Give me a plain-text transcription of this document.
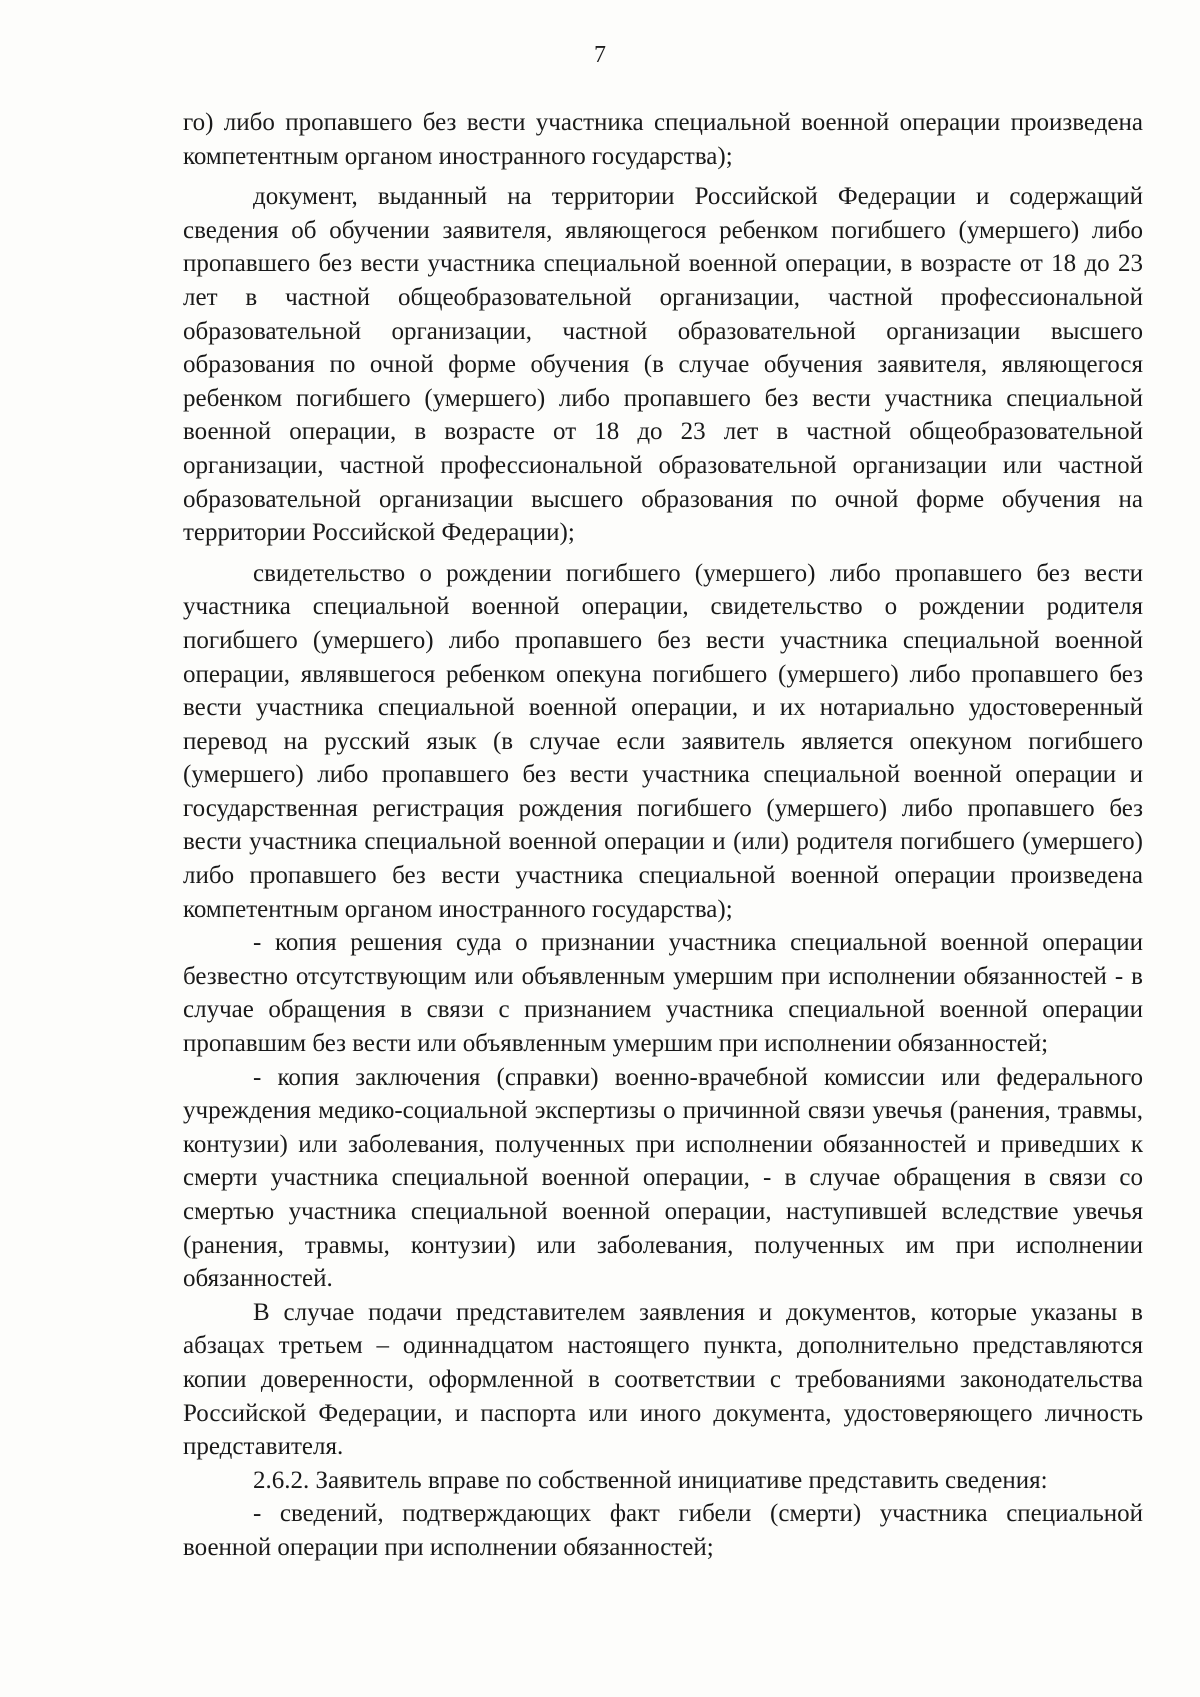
7

го) либо пропавшего без вести участника специальной военной операции произведена компетентным органом иностранного государства);

документ, выданный на территории Российской Федерации и содержащий сведения об обучении заявителя, являющегося ребенком погибшего (умершего) либо пропавшего без вести участника специальной военной операции, в возрасте от 18 до 23 лет в частной общеобразовательной организации, частной профессиональной образовательной организации, частной образовательной организации высшего образования по очной форме обучения (в случае обучения заявителя, являющегося ребенком погибшего (умершего) либо пропавшего без вести участника специальной военной операции, в возрасте от 18 до 23 лет в частной общеобразовательной организации, частной профессиональной образовательной организации или частной образовательной организации высшего образования по очной форме обучения на территории Российской Федерации);

свидетельство о рождении погибшего (умершего) либо пропавшего без вести участника специальной военной операции, свидетельство о рождении родителя погибшего (умершего) либо пропавшего без вести участника специальной военной операции, являвшегося ребенком опекуна погибшего (умершего) либо пропавшего без вести участника специальной военной операции, и их нотариально удостоверенный перевод на русский язык (в случае если заявитель является опекуном погибшего (умершего) либо пропавшего без вести участника специальной военной операции и государственная регистрация рождения погибшего (умершего) либо пропавшего без вести участника специальной военной операции и (или) родителя погибшего (умершего) либо пропавшего без вести участника специальной военной операции произведена компетентным органом иностранного государства);

- копия решения суда о признании участника специальной военной операции безвестно отсутствующим или объявленным умершим при исполнении обязанностей - в случае обращения в связи с признанием участника специальной военной операции пропавшим без вести или объявленным умершим при исполнении обязанностей;

- копия заключения (справки) военно-врачебной комиссии или федерального учреждения медико-социальной экспертизы о причинной связи увечья (ранения, травмы, контузии) или заболевания, полученных при исполнении обязанностей и приведших к смерти участника специальной военной операции, - в случае обращения в связи со смертью участника специальной военной операции, наступившей вследствие увечья (ранения, травмы, контузии) или заболевания, полученных им при исполнении обязанностей.

В случае подачи представителем заявления и документов, которые указаны в абзацах третьем – одиннадцатом настоящего пункта, дополнительно представляются копии доверенности, оформленной в соответствии с требованиями законодательства Российской Федерации, и паспорта или иного документа, удостоверяющего личность представителя.

2.6.2. Заявитель вправе по собственной инициативе представить сведения:

- сведений, подтверждающих факт гибели (смерти) участника специальной военной операции при исполнении обязанностей;
